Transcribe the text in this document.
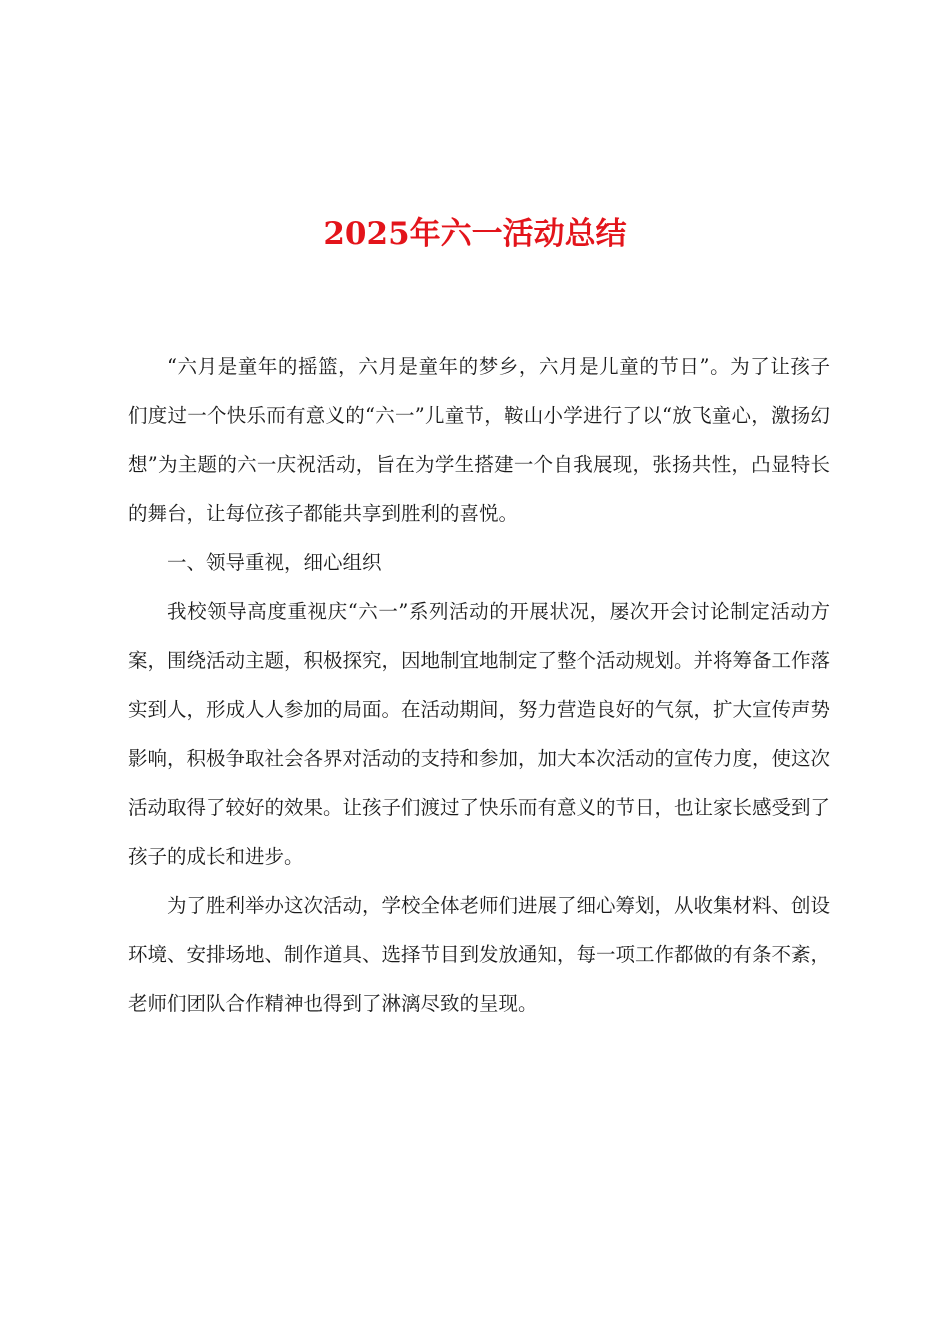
2025年六一活动总结

“六月是童年的摇篮，六月是童年的梦乡，六月是儿童的节日”。为了让孩子们度过一个快乐而有意义的“六一”儿童节，鞍山小学进行了以“放飞童心，激扬幻想”为主题的六一庆祝活动，旨在为学生搭建一个自我展现，张扬共性，凸显特长的舞台，让每位孩子都能共享到胜利的喜悦。

一、领导重视，细心组织

我校领导高度重视庆“六一”系列活动的开展状况，屡次开会讨论制定活动方案，围绕活动主题，积极探究，因地制宜地制定了整个活动规划。并将筹备工作落实到人，形成人人参加的局面。在活动期间，努力营造良好的气氛，扩大宣传声势影响，积极争取社会各界对活动的支持和参加，加大本次活动的宣传力度，使这次活动取得了较好的效果。让孩子们渡过了快乐而有意义的节日，也让家长感受到了孩子的成长和进步。

为了胜利举办这次活动，学校全体老师们进展了细心筹划，从收集材料、创设环境、安排场地、制作道具、选择节目到发放通知，每一项工作都做的有条不紊，老师们团队合作精神也得到了淋漓尽致的呈现。
